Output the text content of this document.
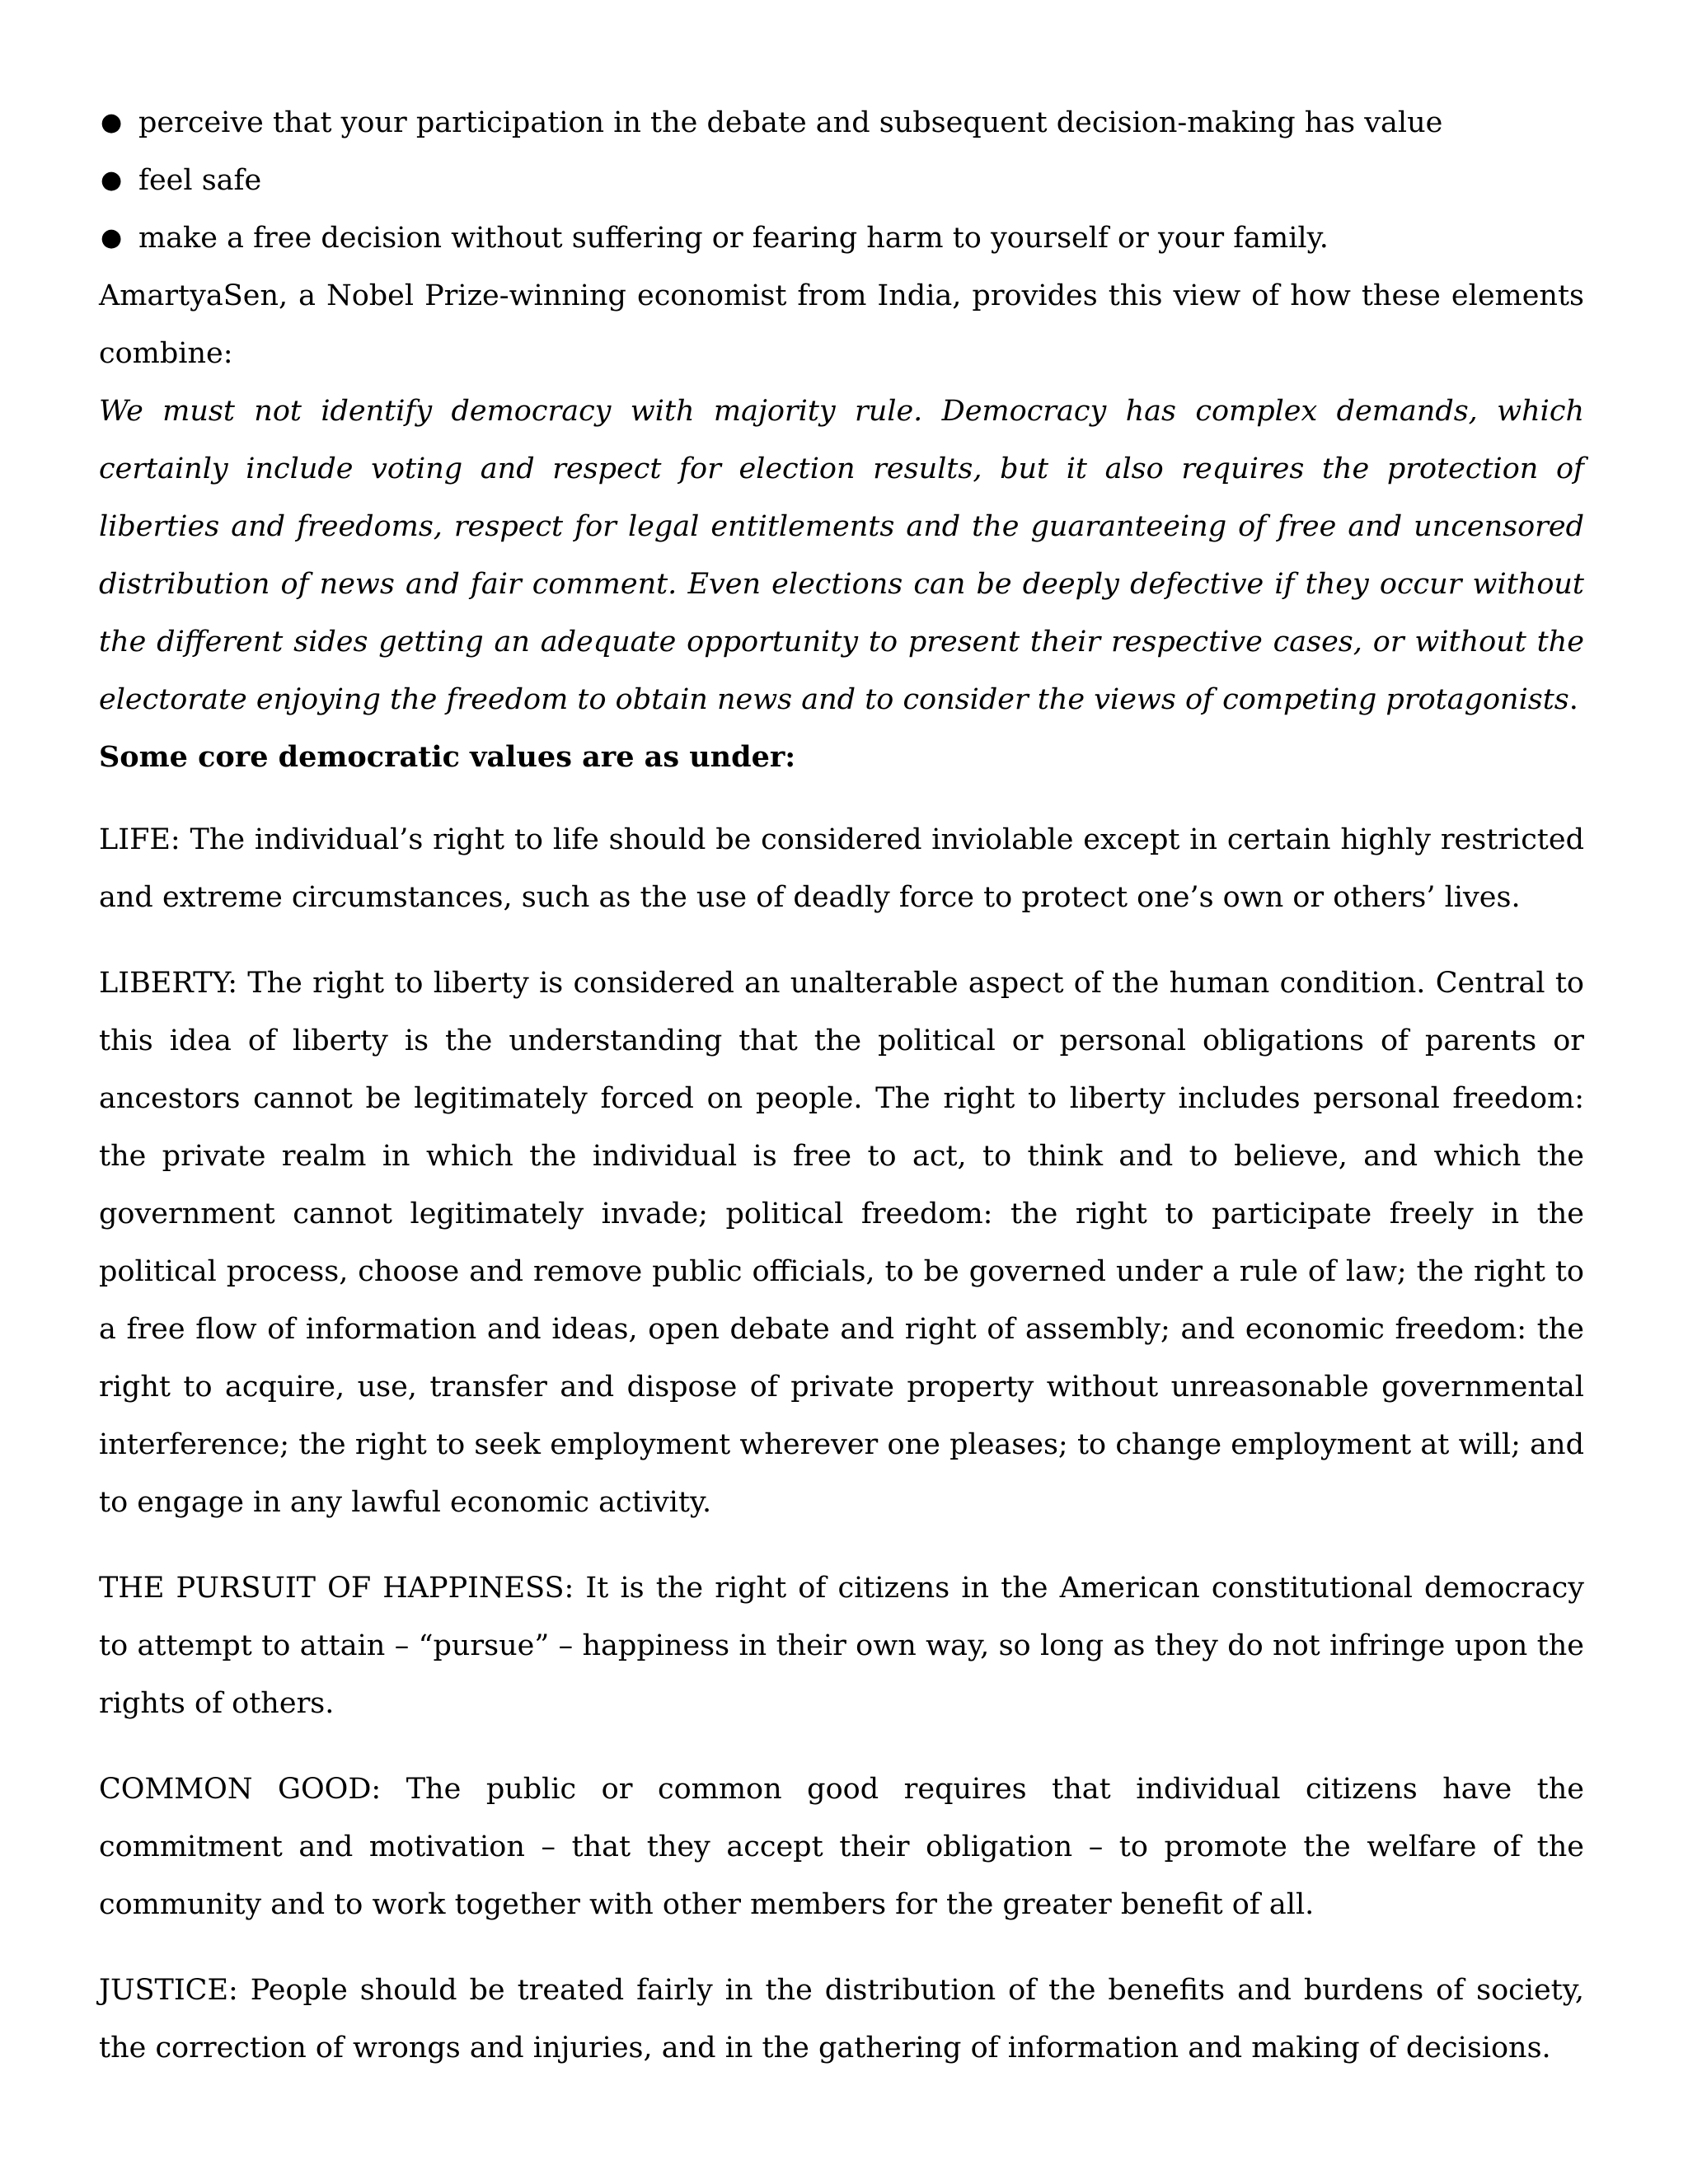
● perceive that your participation in the debate and subsequent decision-making has value
● feel safe
● make a free decision without suffering or fearing harm to yourself or your family.

AmartyaSen, a Nobel Prize-winning economist from India, provides this view of how these elements combine:

We must not identify democracy with majority rule. Democracy has complex demands, which certainly include voting and respect for election results, but it also requires the protection of liberties and freedoms, respect for legal entitlements and the guaranteeing of free and uncensored distribution of news and fair comment. Even elections can be deeply defective if they occur without the different sides getting an adequate opportunity to present their respective cases, or without the electorate enjoying the freedom to obtain news and to consider the views of competing protagonists.

Some core democratic values are as under:

LIFE: The individual’s right to life should be considered inviolable except in certain highly restricted and extreme circumstances, such as the use of deadly force to protect one’s own or others’ lives.

LIBERTY: The right to liberty is considered an unalterable aspect of the human condition. Central to this idea of liberty is the understanding that the political or personal obligations of parents or ancestors cannot be legitimately forced on people. The right to liberty includes personal freedom: the private realm in which the individual is free to act, to think and to believe, and which the government cannot legitimately invade; political freedom: the right to participate freely in the political process, choose and remove public officials, to be governed under a rule of law; the right to a free flow of information and ideas, open debate and right of assembly; and economic freedom: the right to acquire, use, transfer and dispose of private property without unreasonable governmental interference; the right to seek employment wherever one pleases; to change employment at will; and to engage in any lawful economic activity.

THE PURSUIT OF HAPPINESS: It is the right of citizens in the American constitutional democracy to attempt to attain – “pursue” – happiness in their own way, so long as they do not infringe upon the rights of others.

COMMON GOOD: The public or common good requires that individual citizens have the commitment and motivation – that they accept their obligation – to promote the welfare of the community and to work together with other members for the greater benefit of all.

JUSTICE: People should be treated fairly in the distribution of the benefits and burdens of society, the correction of wrongs and injuries, and in the gathering of information and making of decisions.
